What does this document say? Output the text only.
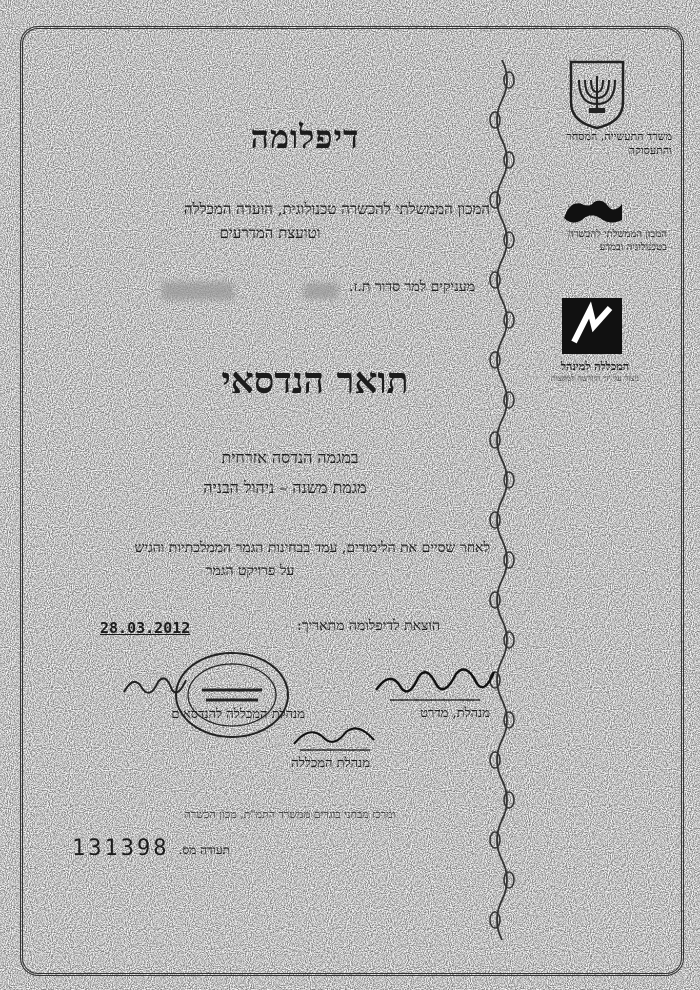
משרד התעשייה, המסחר
והתעסוקה
המכון הממשלתי להכשרה
בטכנולוגיה ובמדע
המכללה למינהל
ניצור על ידי היורשה למקצות
דיפלומה
המכון הממשלתי להכשרה טכנולוגית, הועדה המכללה
וטועצת המדרעים
מעניקים למר סדור ת.ז.
תואר הנדסאי
במגמה הנדסה אזרחית
מגמת משנה – ניהול הבניה
לאחר שסיים את הלימודים, עמד בבחינות הגמר הממלכתיות והגיש
על פרויקט הגמר
הוצאת לדיפלומה מתאריך:
28.03.2012
מנהלת, מדרט
מנהלת המכללה להנדסאים
מנהלת המכללה
ומרכז מבחני בוגרים ממשרד התמ"ת, מכון הכשרה
תעודה מס.
131398
